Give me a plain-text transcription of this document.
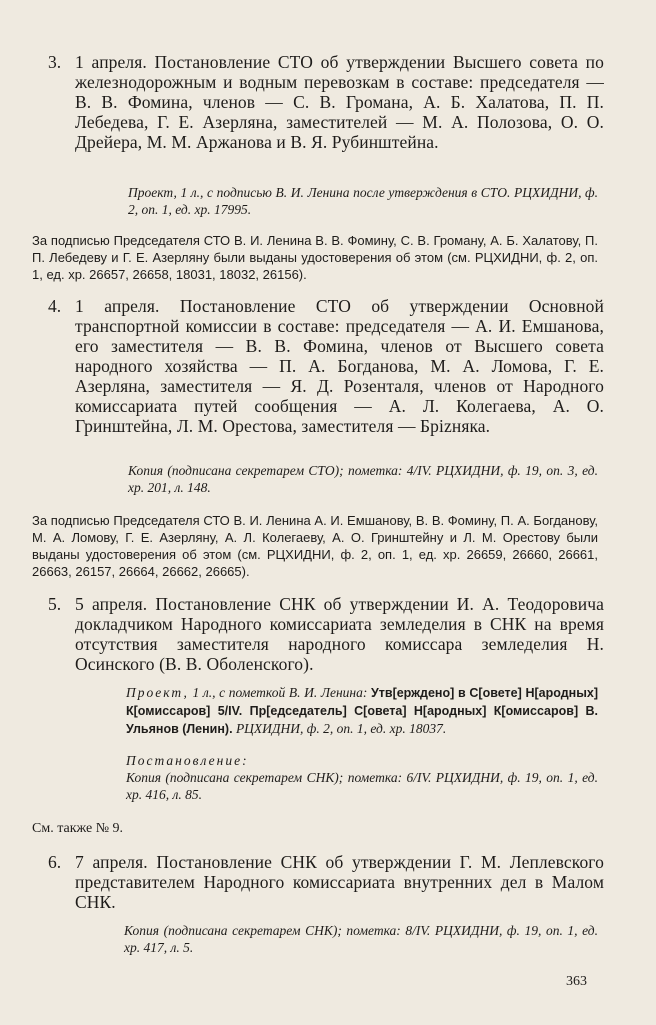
3. 1 апреля. Постановление СТО об утверждении Высшего совета по железнодорожным и водным перевозкам в составе: председателя — В. В. Фомина, членов — С. В. Громана, А. Б. Халатова, П. П. Лебедева, Г. Е. Азерляна, заместителей — М. А. Полозова, О. О. Дрейера, М. М. Аржанова и В. Я. Рубинштейна.
Проект, 1 л., с подписью В. И. Ленина после утверждения в СТО. РЦХИДНИ, ф. 2, оп. 1, ед. хр. 17995.
За подписью Председателя СТО В. И. Ленина В. В. Фомину, С. В. Громану, А. Б. Халатову, П. П. Лебедеву и Г. Е. Азерляну были выданы удостоверения об этом (см. РЦХИДНИ, ф. 2, оп. 1, ед. хр. 26657, 26658, 18031, 18032, 26156).
4. 1 апреля. Постановление СТО об утверждении Основной транспортной комиссии в составе: председателя — А. И. Емшанова, его заместителя — В. В. Фомина, членов от Высшего совета народного хозяйства — П. А. Богданова, М. А. Ломова, Г. Е. Азерляна, заместителя — Я. Д. Розенталя, членов от Народного комиссариата путей сообщения — А. Л. Колегаева, А. О. Гринштейна, Л. М. Орестова, заместителя — Брizняка.
Копия (подписана секретарем СТО); пометка: 4/IV. РЦХИДНИ, ф. 19, оп. 3, ед. хр. 201, л. 148.
За подписью Председателя СТО В. И. Ленина А. И. Емшанову, В. В. Фомину, П. А. Богданову, М. А. Ломову, Г. Е. Азерляну, А. Л. Колегаеву, А. О. Гринштейну и Л. М. Орестову были выданы удостоверения об этом (см. РЦХИДНИ, ф. 2, оп. 1, ед. хр. 26659, 26660, 26661, 26663, 26157, 26664, 26662, 26665).
5. 5 апреля. Постановление СНК об утверждении И. А. Теодоровича докладчиком Народного комиссариата земледелия в СНК на время отсутствия заместителя народного комиссара земледелия Н. Осинского (В. В. Оболенского).
Проект, 1 л., с пометкой В. И. Ленина: Утв[ерждено] в С[овете] Н[ародных] К[омиссаров] 5/IV. Пр[едседатель] С[овета] Н[ародных] К[омиссаров] В. Ульянов (Ленин). РЦХИДНИ, ф. 2, оп. 1, ед. хр. 18037.
Постановление:
Копия (подписана секретарем СНК); пометка: 6/IV. РЦХИДНИ, ф. 19, оп. 1, ед. хр. 416, л. 85.
См. также № 9.
6. 7 апреля. Постановление СНК об утверждении Г. М. Леплевского представителем Народного комиссариата внутренних дел в Малом СНК.
Копия (подписана секретарем СНК); пометка: 8/IV. РЦХИДНИ, ф. 19, оп. 1, ед. хр. 417, л. 5.
363
